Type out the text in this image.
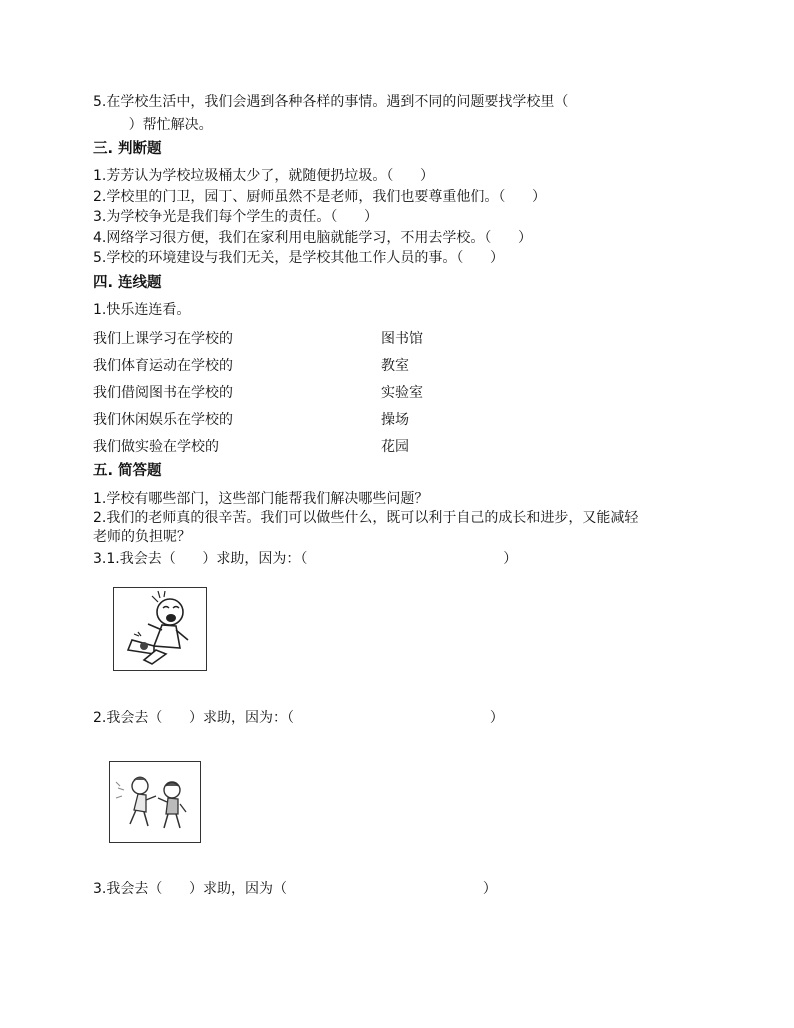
5.在学校生活中，我们会遇到各种各样的事情。遇到不同的问题要找学校里（
）帮忙解决。
三. 判断题
1.芳芳认为学校垃圾桶太少了，就随便扔垃圾。（      ）
2.学校里的门卫，园丁、厨师虽然不是老师，我们也要尊重他们。（      ）
3.为学校争光是我们每个学生的责任。（      ）
4.网络学习很方便，我们在家利用电脑就能学习，不用去学校。（      ）
5.学校的环境建设与我们无关，是学校其他工作人员的事。（      ）
四. 连线题
1.快乐连连看。
我们上课学习在学校的	图书馆
我们体育运动在学校的	教室
我们借阅图书在学校的	实验室
我们休闲娱乐在学校的	操场
我们做实验在学校的	花园
五. 简答题
1.学校有哪些部门，这些部门能帮我们解决哪些问题？
2.我们的老师真的很辛苦。我们可以做些什么，既可以利于自己的成长和进步，又能减轻
老师的负担呢？
3.1.我会去（      ）求助，因为：（                                            ）
2.我会去（      ）求助，因为：（                                            ）
3.我会去（      ）求助，因为（                                            ）
